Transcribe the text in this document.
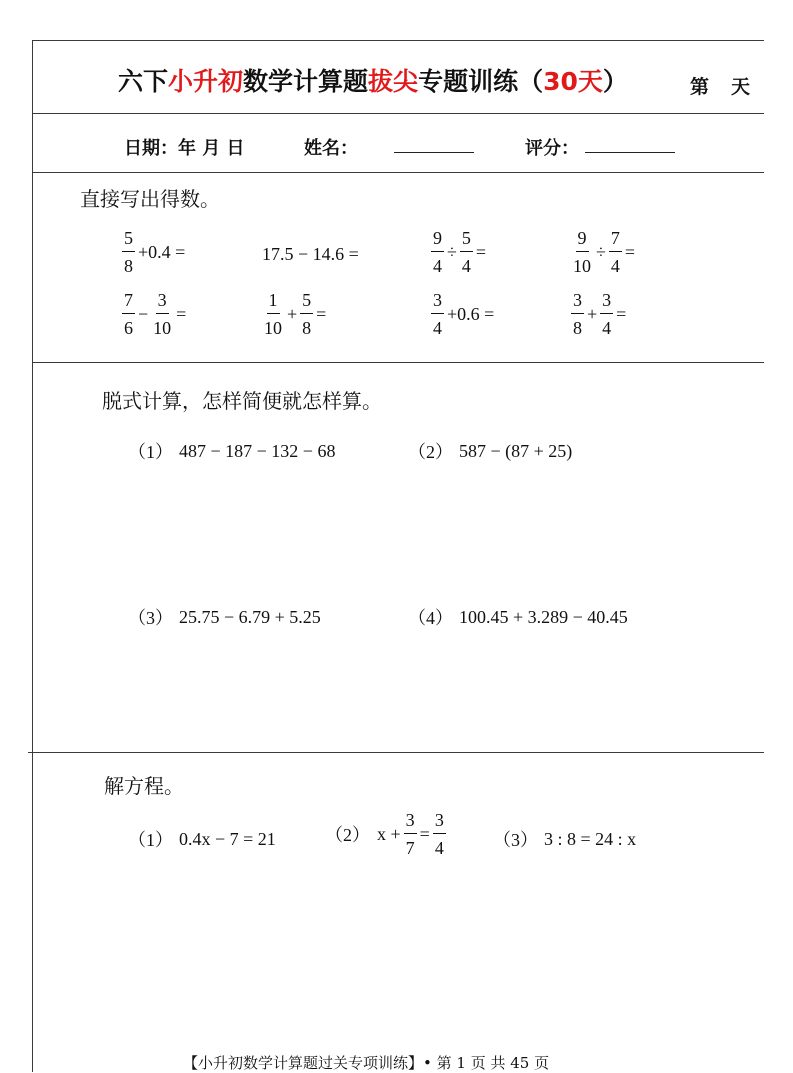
六下小升初数学计算题拔尖专题训练（30天）	第 天
日期：年 月 日	姓名：	评分：
直接写出得数。
$\frac{5}{8} +0.4$ =	17.5 − 14.6 =	$\frac{9}{4} \div \frac{5}{4}$ =	$\frac{9}{10} \div \frac{7}{4}$ =
$\frac{7}{6} - \frac{3}{10}$ =	$\frac{1}{10} + \frac{5}{8}$ =	$\frac{3}{4} +0.6$ =	$\frac{3}{8} + \frac{3}{4}$ =
脱式计算，怎样简便就怎样算。
（1） 487 − 187 − 132 − 68	（2） 587 − (87 + 25)
（3） 25.75 − 6.79 + 5.25	（4） 100.45 + 3.289 − 40.45
解方程。
（1） 0.4x − 7 = 21	（2） $x + \frac{3}{7} = \frac{3}{4}$	（3） 3 : 8 = 24 : x
【小升初数学计算题过关专项训练】• 第 1 页 共 45 页
